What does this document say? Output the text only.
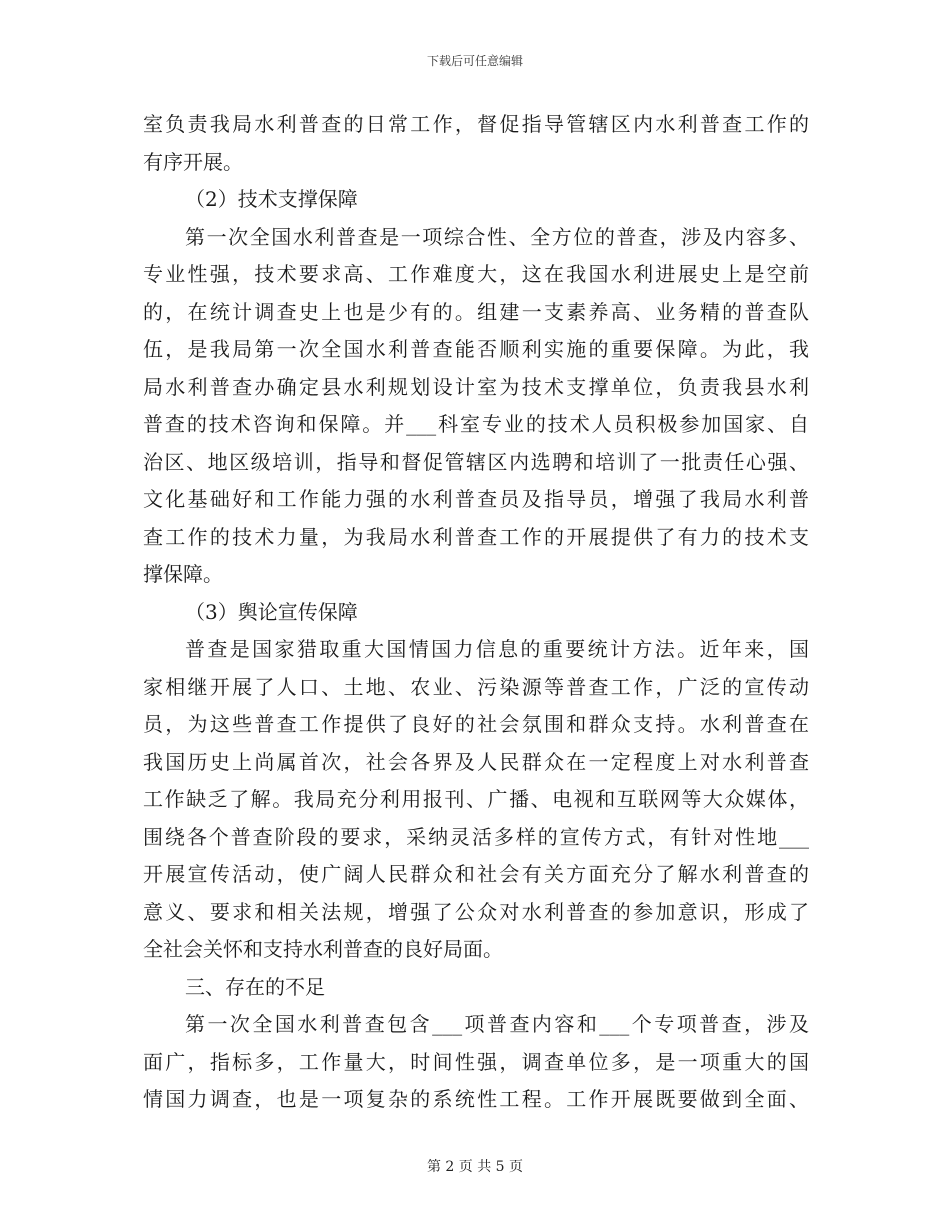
下载后可任意编辑
室负责我局水利普查的日常工作，督促指导管辖区内水利普查工作的
有序开展。
（2）技术支撑保障
第一次全国水利普查是一项综合性、全方位的普查，涉及内容多、
专业性强，技术要求高、工作难度大，这在我国水利进展史上是空前
的，在统计调查史上也是少有的。组建一支素养高、业务精的普查队
伍，是我局第一次全国水利普查能否顺利实施的重要保障。为此，我
局水利普查办确定县水利规划设计室为技术支撑单位，负责我县水利
普查的技术咨询和保障。并___科室专业的技术人员积极参加国家、自
治区、地区级培训，指导和督促管辖区内选聘和培训了一批责任心强、
文化基础好和工作能力强的水利普查员及指导员，增强了我局水利普
查工作的技术力量，为我局水利普查工作的开展提供了有力的技术支
撑保障。
（3）舆论宣传保障
普查是国家猎取重大国情国力信息的重要统计方法。近年来，国
家相继开展了人口、土地、农业、污染源等普查工作，广泛的宣传动
员，为这些普查工作提供了良好的社会氛围和群众支持。水利普查在
我国历史上尚属首次，社会各界及人民群众在一定程度上对水利普查
工作缺乏了解。我局充分利用报刊、广播、电视和互联网等大众媒体，
围绕各个普查阶段的要求，采纳灵活多样的宣传方式，有针对性地___
开展宣传活动，使广阔人民群众和社会有关方面充分了解水利普查的
意义、要求和相关法规，增强了公众对水利普查的参加意识，形成了
全社会关怀和支持水利普查的良好局面。
三、存在的不足
第一次全国水利普查包含___项普查内容和___个专项普查，涉及
面广，指标多，工作量大，时间性强，调查单位多，是一项重大的国
情国力调查，也是一项复杂的系统性工程。工作开展既要做到全面、
第 2 页 共 5 页
